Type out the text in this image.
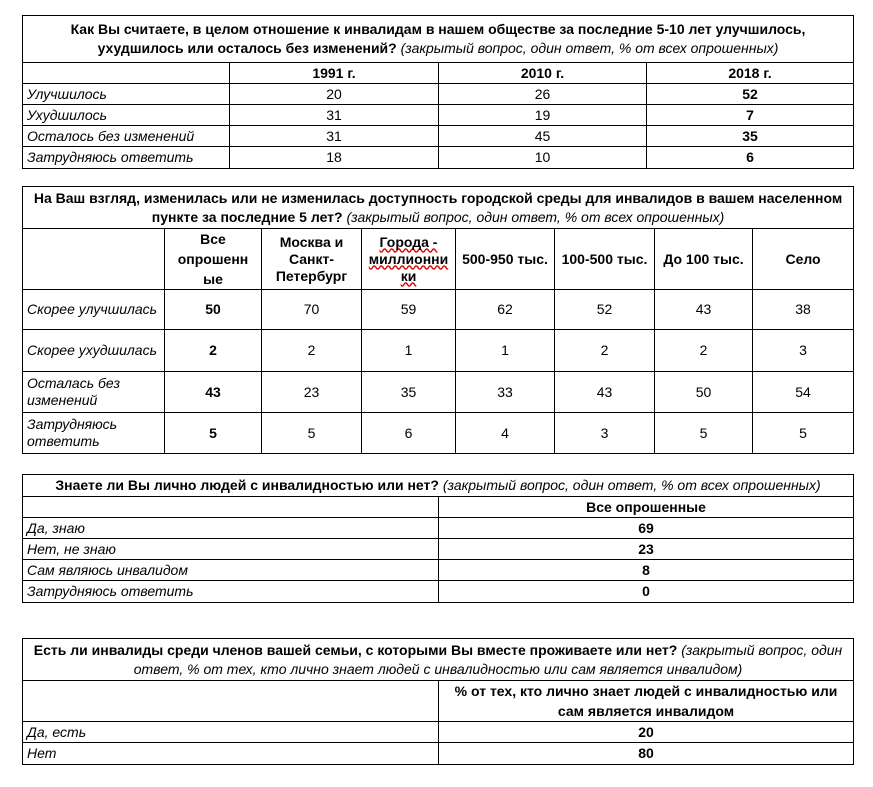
Как Вы считаете, в целом отношение к инвалидам в нашем обществе за последние 5-10 лет улучшилось, ухудшилось или осталось без изменений? (закрытый вопрос, один ответ, % от всех опрошенных)			
	1991 г.	2010 г.	2018 г.
Улучшилось	20	26	52
Ухудшилось	31	19	7
Осталось без изменений	31	45	35
Затрудняюсь ответить	18	10	6
На Ваш взгляд, изменилась или не изменилась доступность городской среды для инвалидов в вашем населенном пункте за последние 5 лет? (закрытый вопрос, один ответ, % от всех опрошенных)							
	Все опрошенн ые	Москва и Санкт-Петербург	Города - миллионни ки	500-950 тыс.	100-500 тыс.	До 100 тыс.	Село
Скорее улучшилась	50	70	59	62	52	43	38
Скорее ухудшилась	2	2	1	1	2	2	3
Осталась без изменений	43	23	35	33	43	50	54
Затрудняюсь ответить	5	5	6	4	3	5	5
Знаете ли Вы лично людей с инвалидностью или нет? (закрытый вопрос, один ответ, % от всех опрошенных)	
	Все опрошенные
Да, знаю	69
Нет, не знаю	23
Сам являюсь инвалидом	8
Затрудняюсь ответить	0
Есть ли инвалиды среди членов вашей семьи, с которыми Вы вместе проживаете или нет? (закрытый вопрос, один ответ, % от тех, кто лично знает людей с инвалидностью или сам является инвалидом)	
	% от тех, кто лично знает людей с инвалидностью или сам является инвалидом
Да, есть	20
Нет	80
